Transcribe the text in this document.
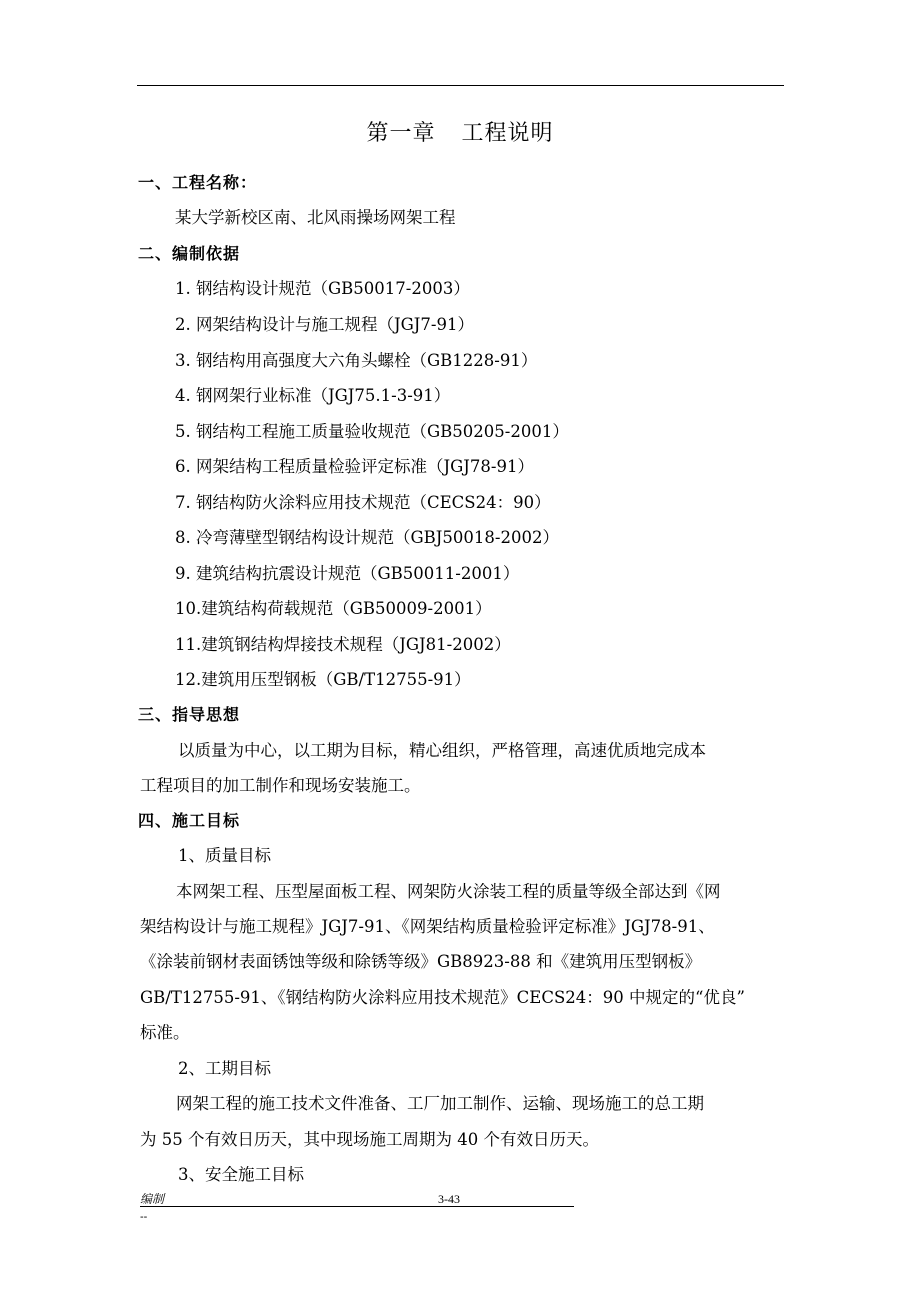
第一章 工程说明
一、工程名称：
某大学新校区南、北风雨操场网架工程
二、编制依据
1. 钢结构设计规范（GB50017-2003）
2. 网架结构设计与施工规程（JGJ7-91）
3. 钢结构用高强度大六角头螺栓（GB1228-91）
4. 钢网架行业标准（JGJ75.1-3-91）
5. 钢结构工程施工质量验收规范（GB50205-2001）
6. 网架结构工程质量检验评定标准（JGJ78-91）
7. 钢结构防火涂料应用技术规范（CECS24：90）
8. 冷弯薄壁型钢结构设计规范（GBJ50018-2002）
9. 建筑结构抗震设计规范（GB50011-2001）
10.建筑结构荷载规范（GB50009-2001）
11.建筑钢结构焊接技术规程（JGJ81-2002）
12.建筑用压型钢板（GB/T12755-91）
三、指导思想
以质量为中心，以工期为目标，精心组织，严格管理，高速优质地完成本
工程项目的加工制作和现场安装施工。
四、施工目标
1、质量目标
本网架工程、压型屋面板工程、网架防火涂装工程的质量等级全部达到《网
架结构设计与施工规程》JGJ7-91、《网架结构质量检验评定标准》JGJ78-91、
《涂装前钢材表面锈蚀等级和除锈等级》GB8923-88 和《建筑用压型钢板》
GB/T12755-91、《钢结构防火涂料应用技术规范》CECS24：90 中规定的“优良”
标准。
2、工期目标
网架工程的施工技术文件准备、工厂加工制作、运输、现场施工的总工期
为 55 个有效日历天，其中现场施工周期为 40 个有效日历天。
3、安全施工目标
编制	3-43
--
